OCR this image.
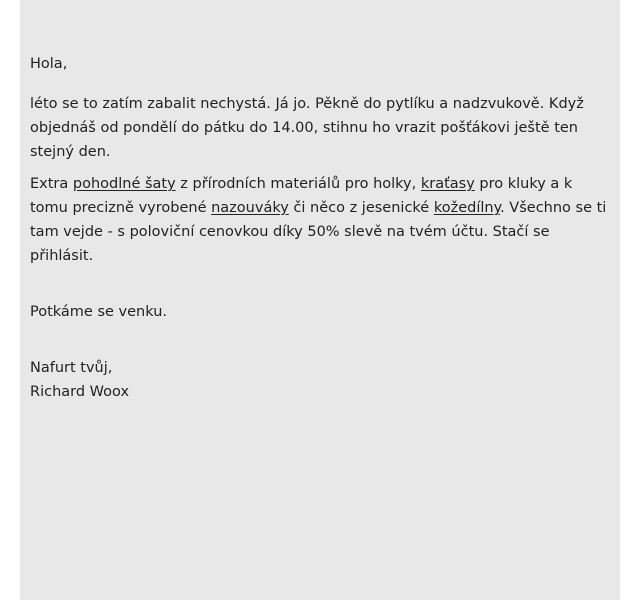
Hola,

léto se to zatím zabalit nechystá. Já jo. Pěkně do pytlíku a nadzvukově. Když objednáš od pondělí do pátku do 14.00, stihnu ho vrazit pošťákovi ještě ten stejný den.

Extra pohodlné šaty z přírodních materiálů pro holky, kraťasy pro kluky a k tomu precizně vyrobené nazouváky či něco z jesenické kožedílny. Všechno se ti tam vejde - s poloviční cenovkou díky 50% slevě na tvém účtu. Stačí se přihlásit.

Potkáme se venku.

Nafurt tvůj,

Richard Woox
